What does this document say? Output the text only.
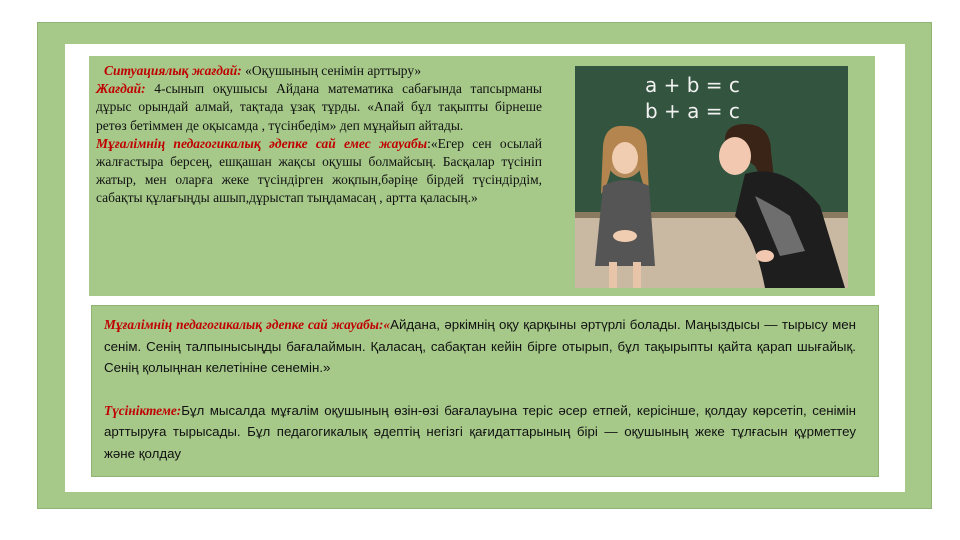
Ситуациялық жағдай: «Оқушының сенімін арттыру»

Жағдай: 4-сынып оқушысы Айдана математика сабағында тапсырманы дұрыс орындай алмай, тақтада ұзақ тұрды. «Апай бұл тақыпты бірнеше ретөз бетіммен де оқысамда , түсінбедім» деп мұңайып айтады.

Мұғалімнің педагогикалық әдепке сай емес жауабы:«Егер сен осылай жалғастыра берсең, ешқашан жақсы оқушы болмайсың. Басқалар түсініп жатыр, мен оларға жеке түсіндірген жоқпын,бәріңе бірдей түсіндірдім, сабақты құлағыңды ашып,дұрыстап тыңдамасаң , артта қаласың.»

a + b = c
b + a = c

Мұғалімнің педагогикалық әдепке сай жауабы:«Айдана, әркімнің оқу қарқыны әртүрлі болады. Маңыздысы — тырысу мен сенім. Сенің талпынысыңды бағалаймын. Қаласаң, сабақтан кейін бірге отырып, бұл тақырыпты қайта қарап шығайық. Сенің қолыңнан келетініне сенемін.»

Түсініктеме:Бұл мысалда мұғалім оқушының өзін-өзі бағалауына теріс әсер етпей, керісінше, қолдау көрсетіп, сенімін арттыруға тырысады. Бұл педагогикалық әдептің негізгі қағидаттарының бірі — оқушының жеке тұлғасын құрметтеу және қолдау
